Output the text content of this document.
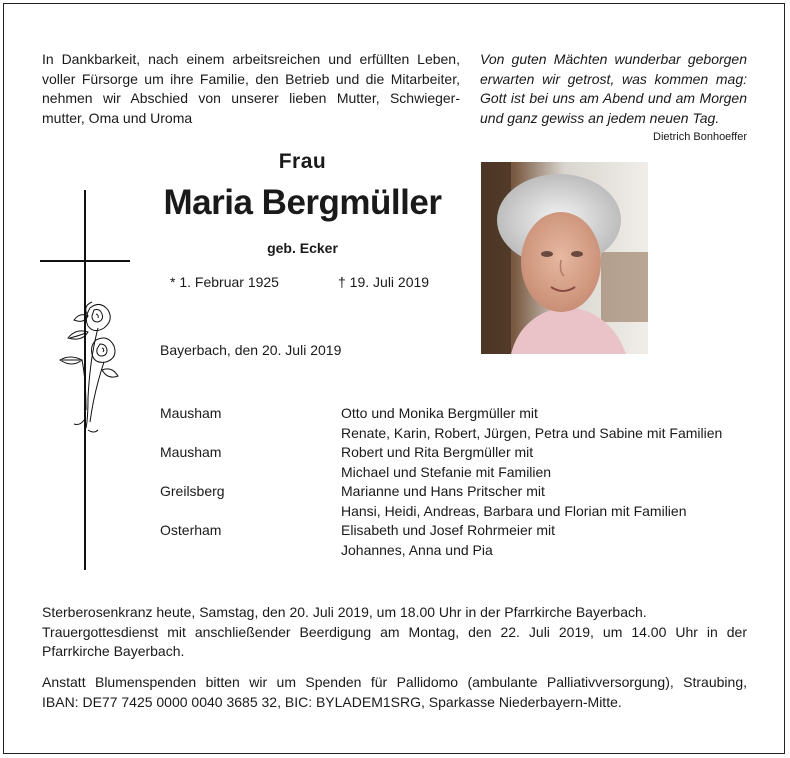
In Dankbarkeit, nach einem arbeitsreichen und erfüllten Leben,
voller Fürsorge um ihre Familie, den Betrieb und die Mitarbeiter,
nehmen wir Abschied von unserer lieben Mutter, Schwieger-
mutter, Oma und Uroma
Von guten Mächten wunderbar geborgen
erwarten wir getrost, was kommen mag:
Gott ist bei uns am Abend und am Morgen
und ganz gewiss an jedem neuen Tag.
Dietrich Bonhoeffer
Frau
Maria Bergmüller
geb. Ecker
* 1. Februar 1925	† 19. Juli 2019
Bayerbach, den 20. Juli 2019
Mausham	Otto und Monika Bergmüller mit
Renate, Karin, Robert, Jürgen, Petra und Sabine mit Familien
Mausham	Robert und Rita Bergmüller mit
Michael und Stefanie mit Familien
Greilsberg	Marianne und Hans Pritscher mit
Hansi, Heidi, Andreas, Barbara und Florian mit Familien
Osterham	Elisabeth und Josef Rohrmeier mit
Johannes, Anna und Pia
Sterberosenkranz heute, Samstag, den 20. Juli 2019, um 18.00 Uhr in der Pfarrkirche Bayerbach.
Trauergottesdienst mit anschließender Beerdigung am Montag, den 22. Juli 2019, um 14.00 Uhr in der
Pfarrkirche Bayerbach.
Anstatt Blumenspenden bitten wir um Spenden für Pallidomo (ambulante Palliativversorgung), Straubing,
IBAN: DE77 7425 0000 0040 3685 32, BIC: BYLADEM1SRG, Sparkasse Niederbayern-Mitte.
